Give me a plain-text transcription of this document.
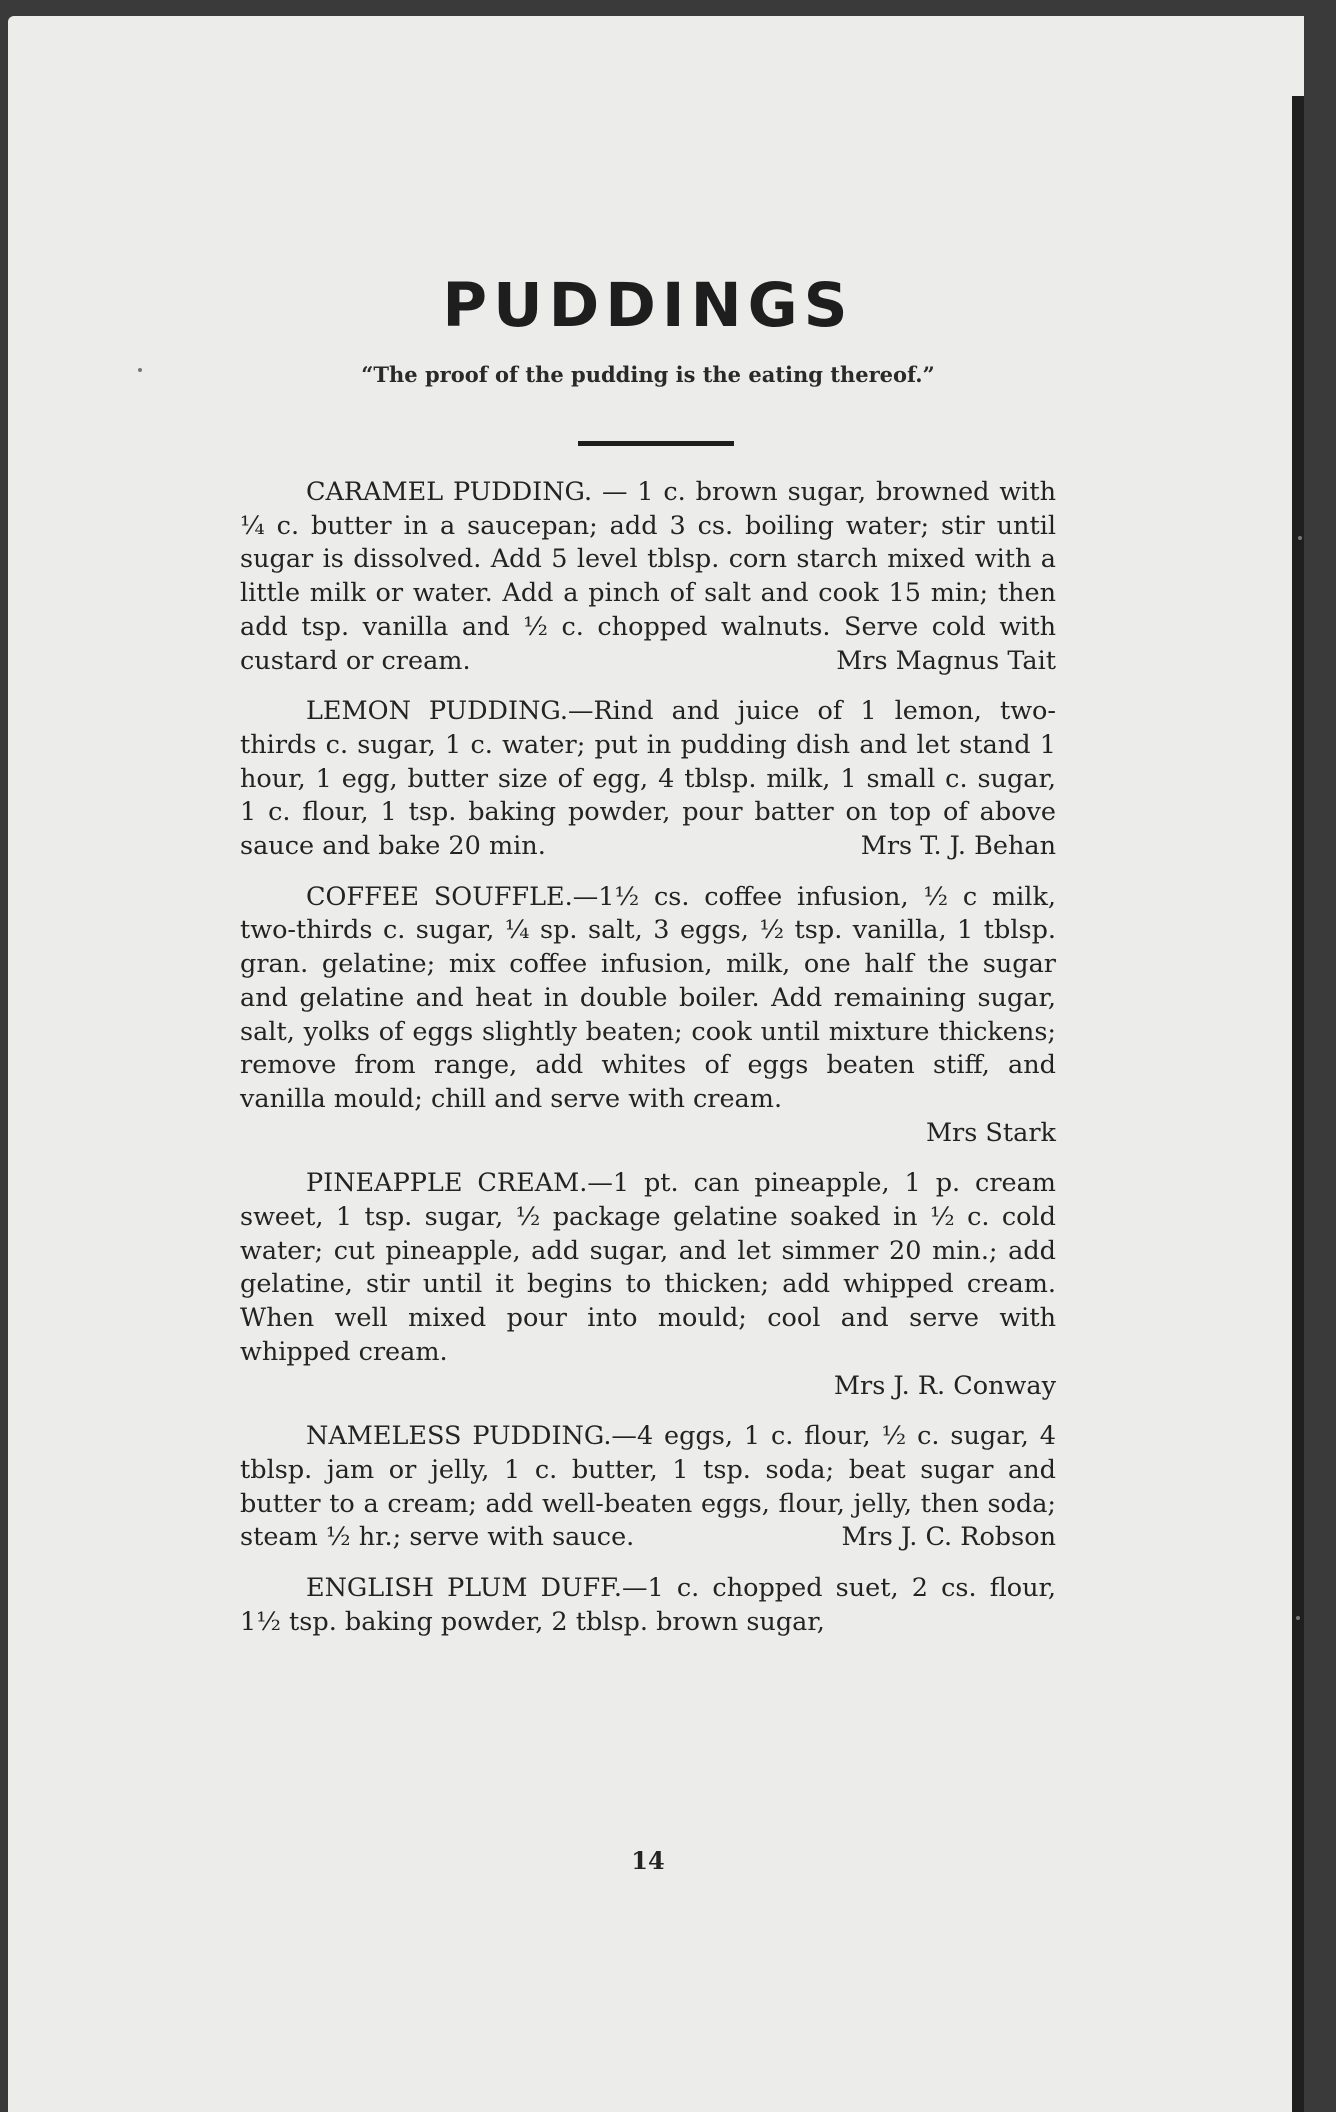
PUDDINGS
“The proof of the pudding is the eating thereof.”

CARAMEL PUDDING. — 1 c. brown sugar, browned with ¼ c. butter in a saucepan; add 3 cs. boiling water; stir until sugar is dissolved. Add 5 level tblsp. corn starch mixed with a little milk or water. Add a pinch of salt and cook 15 min; then add tsp. vanilla and ½ c. chopped walnuts. Serve cold with custard or cream.	Mrs Magnus Tait

LEMON PUDDING.—Rind and juice of 1 lemon, two-thirds c. sugar, 1 c. water; put in pudding dish and let stand 1 hour, 1 egg, butter size of egg, 4 tblsp. milk, 1 small c. sugar, 1 c. flour, 1 tsp. baking powder, pour batter on top of above sauce and bake 20 min.	Mrs T. J. Behan

COFFEE SOUFFLE.—1½ cs. coffee infusion, ½ c milk, two-thirds c. sugar, ¼ sp. salt, 3 eggs, ½ tsp. vanilla, 1 tblsp. gran. gelatine; mix coffee infusion, milk, one half the sugar and gelatine and heat in double boiler. Add remaining sugar, salt, yolks of eggs slightly beaten; cook until mixture thickens; remove from range, add whites of eggs beaten stiff, and vanilla mould; chill and serve with cream.

Mrs Stark

PINEAPPLE CREAM.—1 pt. can pineapple, 1 p. cream sweet, 1 tsp. sugar, ½ package gelatine soaked in ½ c. cold water; cut pineapple, add sugar, and let simmer 20 min.; add gelatine, stir until it begins to thicken; add whipped cream. When well mixed pour into mould; cool and serve with whipped cream.

Mrs J. R. Conway

NAMELESS PUDDING.—4 eggs, 1 c. flour, ½ c. sugar, 4 tblsp. jam or jelly, 1 c. butter, 1 tsp. soda; beat sugar and butter to a cream; add well-beaten eggs, flour, jelly, then soda; steam ½ hr.; serve with sauce.	Mrs J. C. Robson

ENGLISH PLUM DUFF.—1 c. chopped suet, 2 cs. flour, 1½ tsp. baking powder, 2 tblsp. brown sugar,

14
